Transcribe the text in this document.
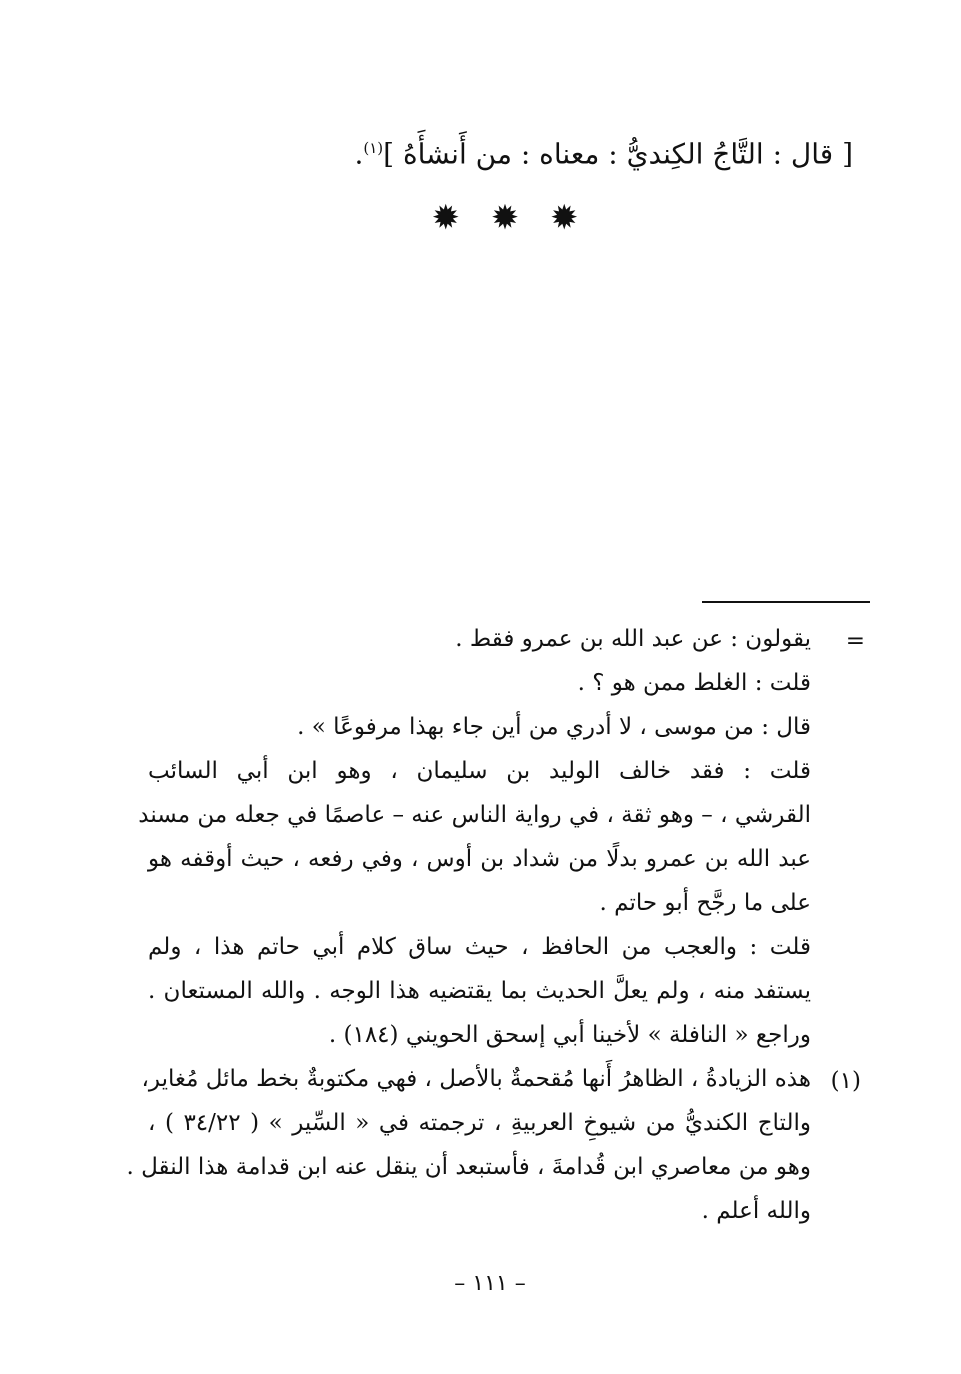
[ قال : التَّاجُ الكِنديُّ : معناه : من أَنشأَهُ ]$^{(١)}$.
✹ ✹ ✹
=
يقولون : عن عبد الله بن عمرو فقط .
قلت : الغلط ممن هو ؟ .
قال : من موسى ، لا أدري من أين جاء بهذا مرفوعًا » .
قلت : فقد خالف الوليد بن سليمان ، وهو ابن أبي السائب
القرشي ، – وهو ثقة ، في رواية الناس عنه – عاصمًا في جعله من مسند
عبد الله بن عمرو بدلًا من شداد بن أوس ، وفي رفعه ، حيث أوقفه هو
على ما رجَّح أبو حاتم .
قلت : والعجب من الحافظ ، حيث ساق كلام أبي حاتم هذا ، ولم
يستفد منه ، ولم يعلَّ الحديث بما يقتضيه هذا الوجه . والله المستعان .
وراجع « النافلة » لأخينا أبي إسحق الحويني (١٨٤) .
(١)
هذه الزيادةُ ، الظاهرُ أَنها مُقحمةٌ بالأصل ، فهي مكتوبةٌ بخط مائل مُغاير،
والتاج الكنديُّ من شيوخِ العربيةِ ، ترجمته في « السِّير » ( ٣٤/٢٢ ) ،
وهو من معاصري ابن قُدامةَ ، فأستبعد أن ينقل عنه ابن قدامة هذا النقل .
والله أعلم .
– ١١١ –
